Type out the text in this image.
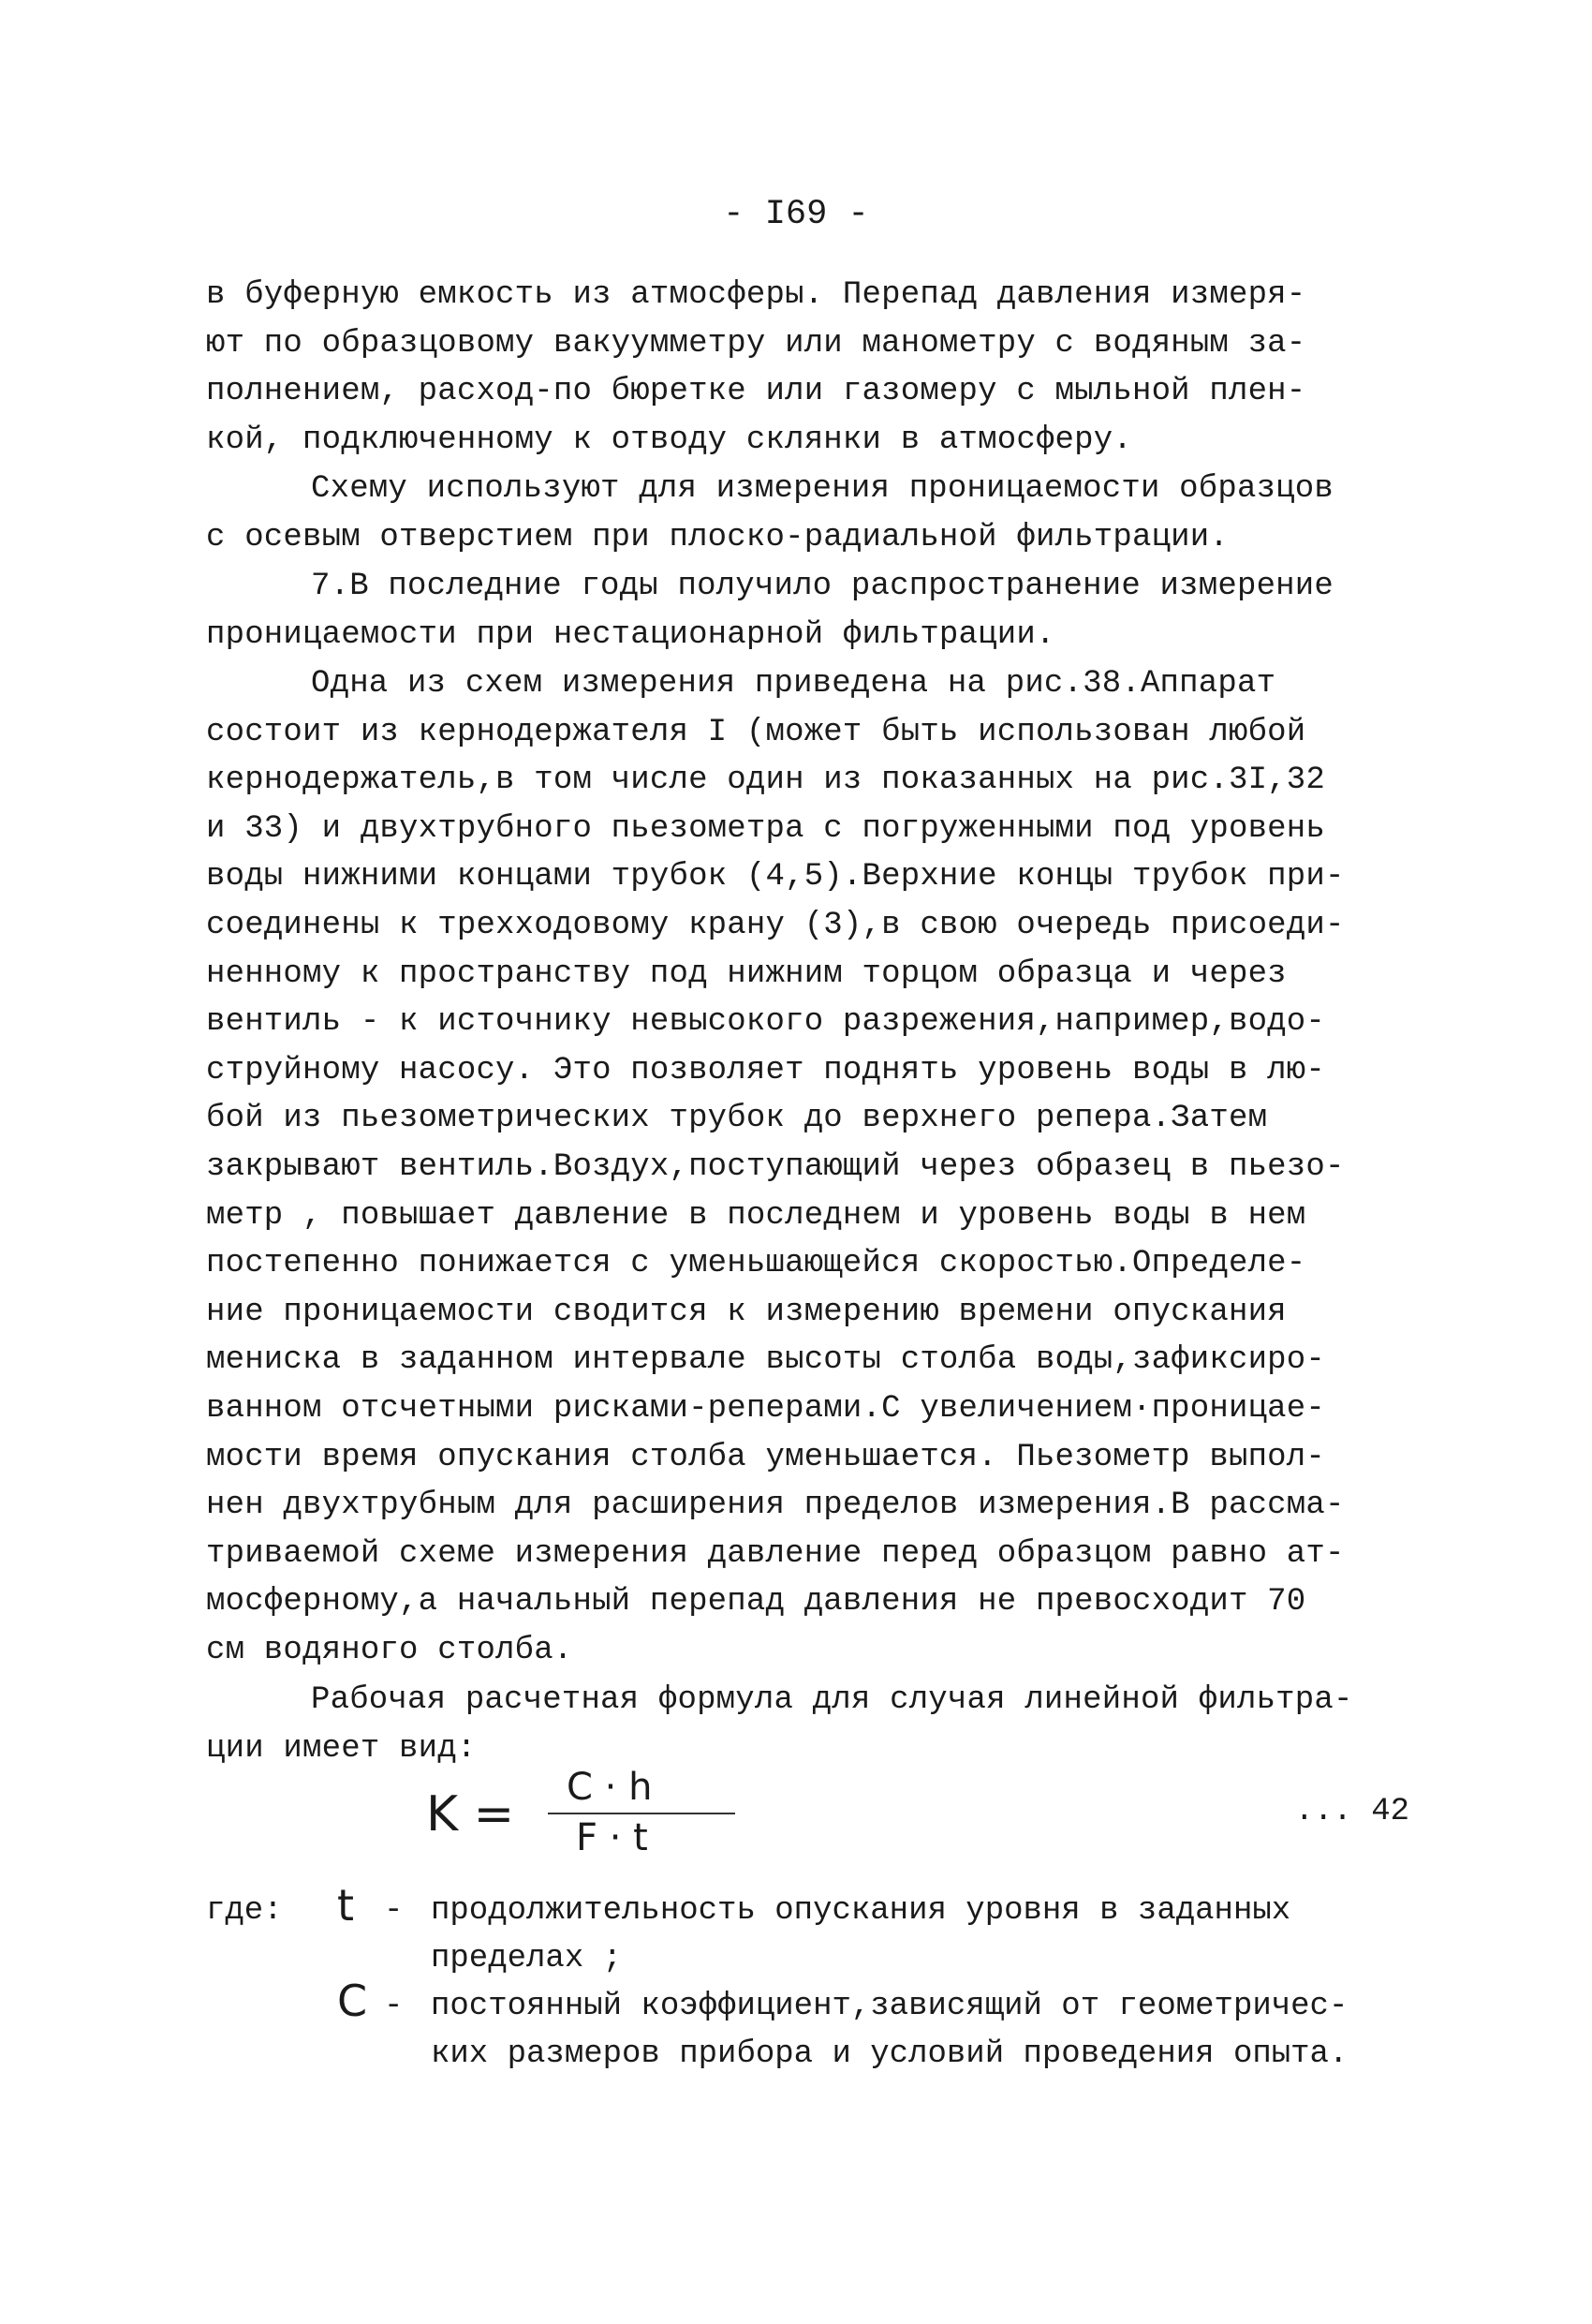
- I69 -
в буферную емкость из атмосферы. Перепад давления измеря-
ют по образцовому вакуумметру или манометру с водяным за-
полнением, расход-по бюретке или газомеру с мыльной плен-
кой, подключенному к отводу склянки в атмосферу.
Схему используют для измерения проницаемости образцов
с осевым отверстием при плоско-радиальной фильтрации.
7.В последние годы получило распространение измерение
проницаемости при нестационарной фильтрации.
Одна из схем измерения приведена на рис.38.Аппарат
состоит из кернодержателя I (может быть использован любой
кернодержатель,в том числе один из показанных на рис.3I,32
и 33) и двухтрубного пьезометра с погруженными под уровень
воды нижними концами трубок (4,5).Верхние концы трубок при-
соединены к трехходовому крану (3),в свою очередь присоеди-
ненному к пространству под нижним торцом образца и через
вентиль - к источнику невысокого разрежения,например,водо-
струйному насосу. Это позволяет поднять уровень воды в лю-
бой из пьезометрических трубок до верхнего репера.Затем
закрывают вентиль.Воздух,поступающий через образец в пьезо-
метр , повышает давление в последнем и уровень воды в нем
постепенно понижается с уменьшающейся скоростью.Определе-
ние проницаемости сводится к измерению времени опускания
мениска в заданном интервале высоты столба воды,зафиксиро-
ванном отсчетными рисками-реперами.С увеличением·проницае-
мости время опускания столба уменьшается. Пьезометр выпол-
нен двухтрубным для расширения пределов измерения.В рассма-
триваемой схеме измерения давление перед образцом равно ат-
мосферному,а начальный перепад давления не превосходит 70
см водяного столба.
Рабочая расчетная формула для случая линейной фильтра-
ции имеет вид:
K =	C · h
F · t
... 42
где: t - продолжительность опускания уровня в заданных
пределах ;
C - постоянный коэффициент,зависящий от геометричес-
ких размеров прибора и условий проведения опыта.
